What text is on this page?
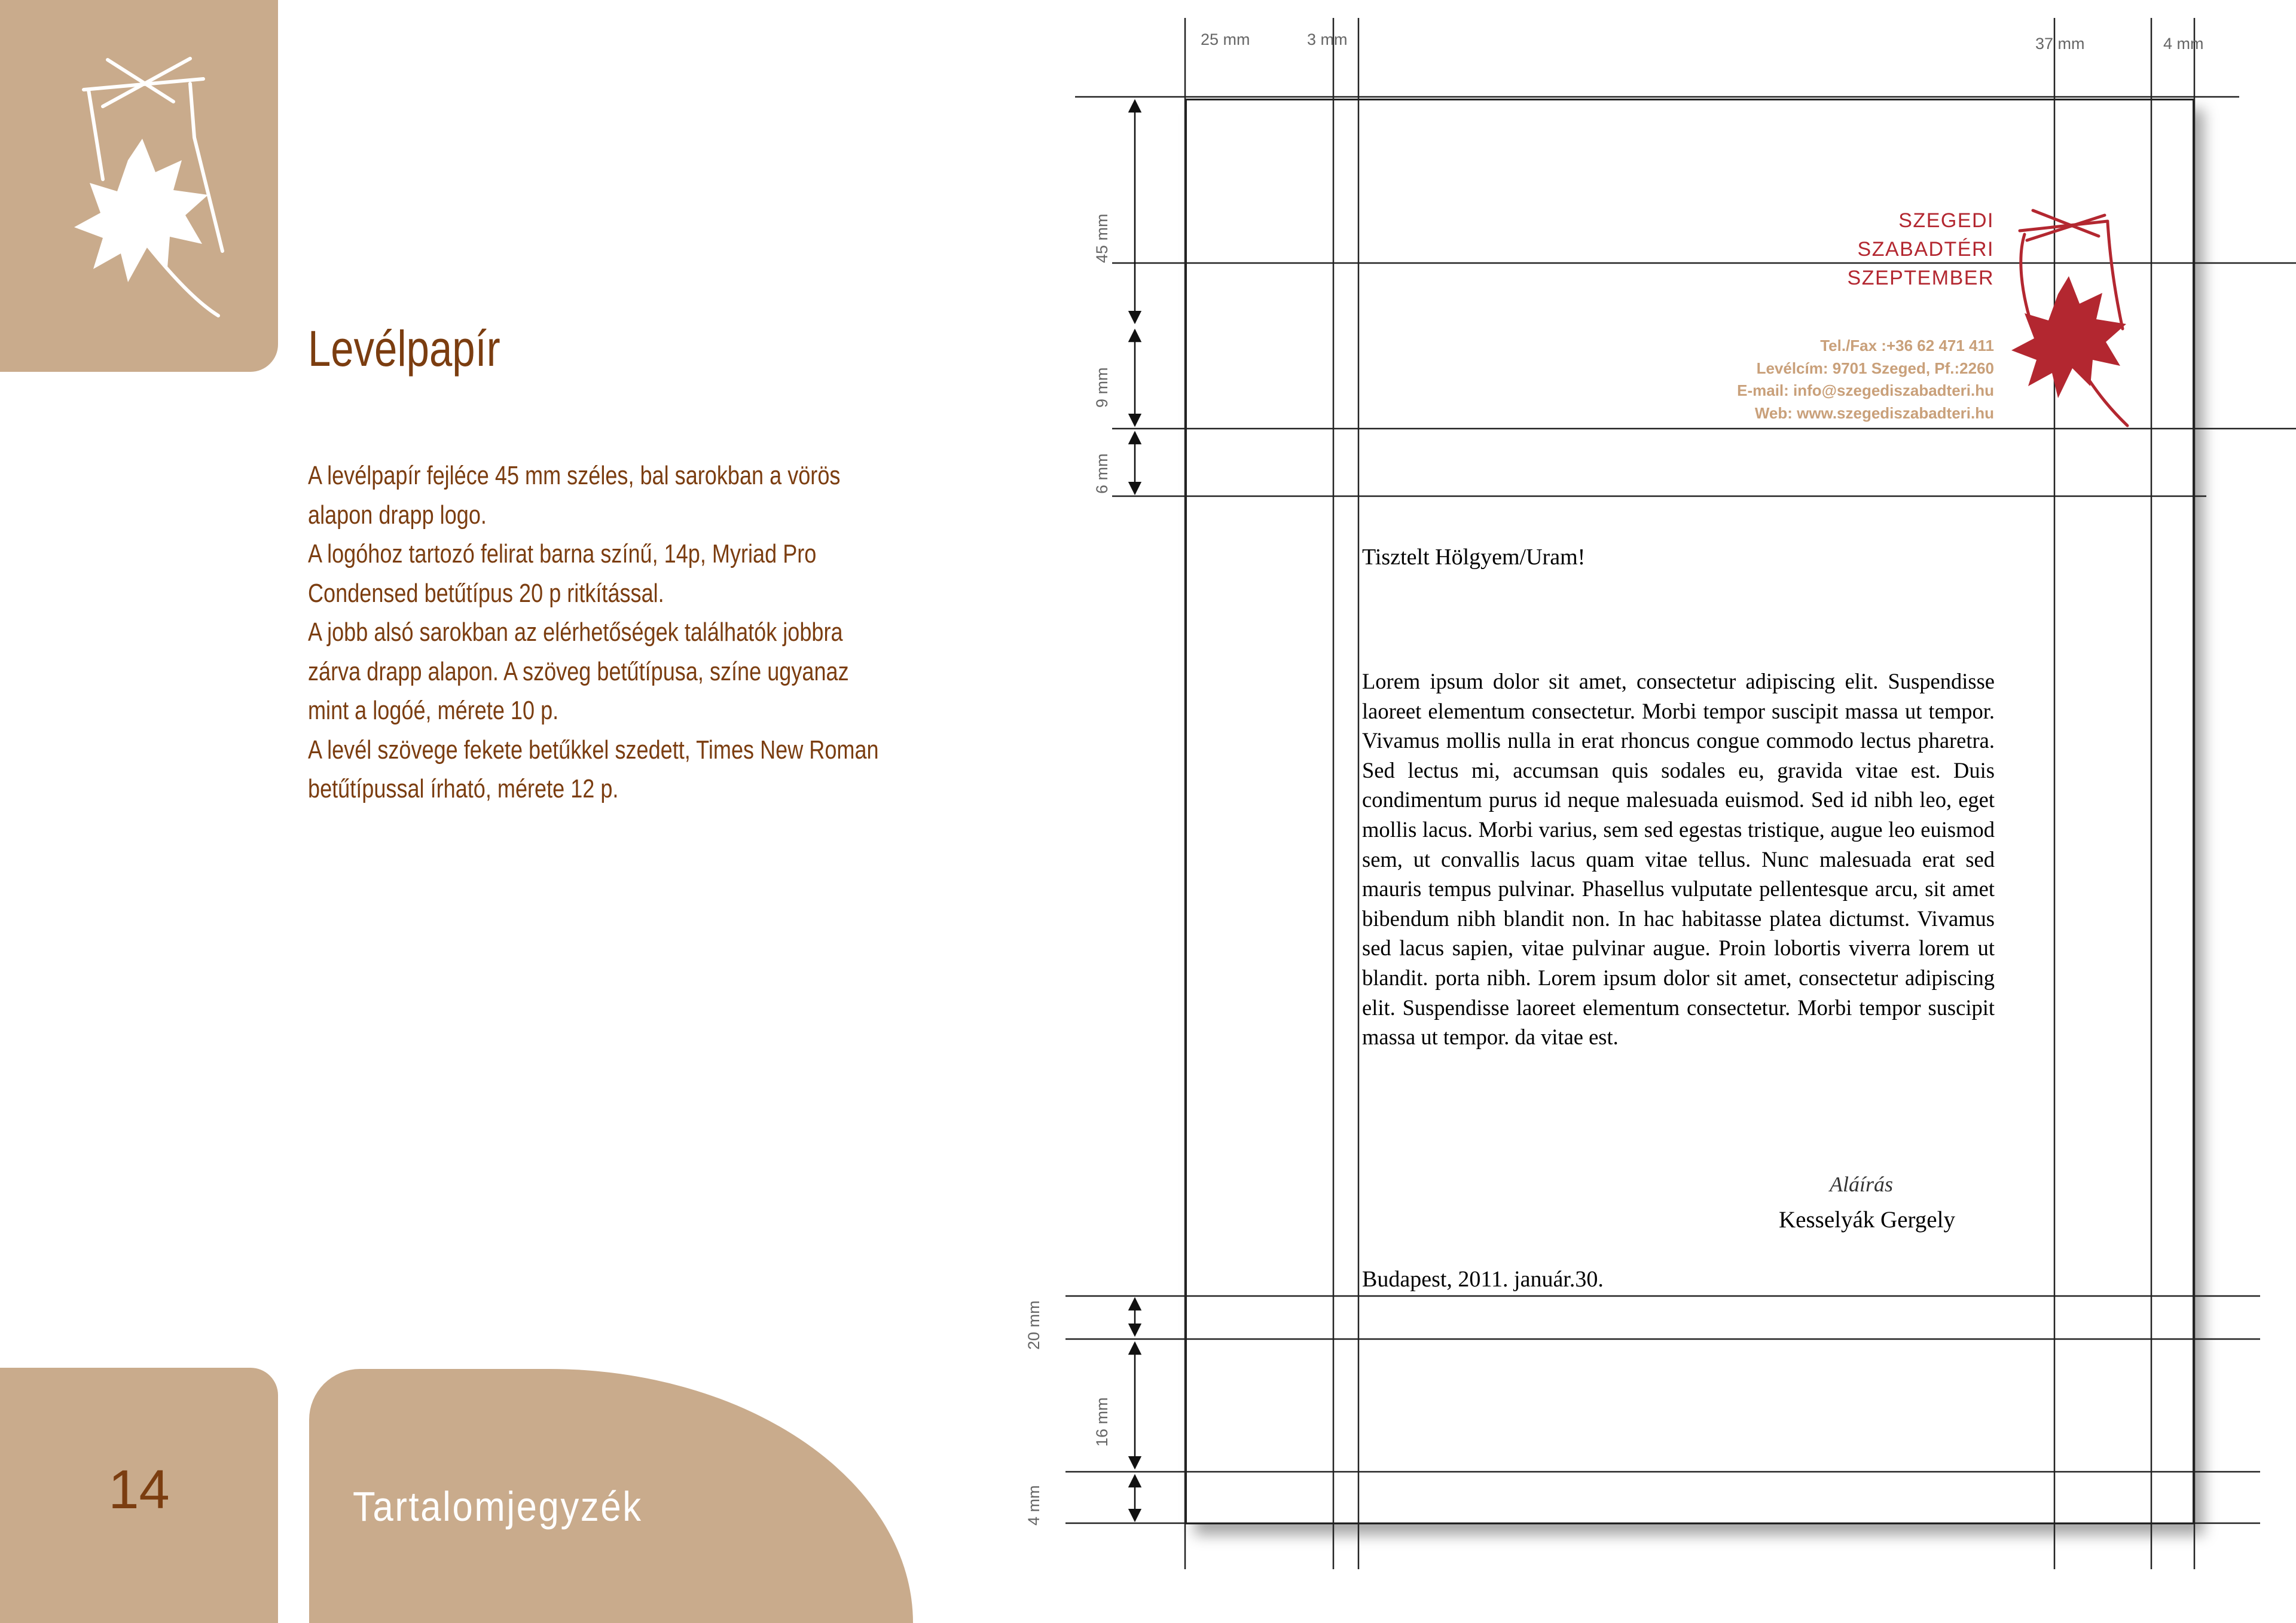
Levélpapír

A levélpapír fejléce 45 mm széles, bal sarokban a vörös alapon drapp logo.

A logóhoz tartozó felirat barna színű, 14p, Myriad Pro Condensed betűtípus 20 p ritkítással.

A jobb alsó sarokban az elérhetőségek találhatók jobbra zárva drapp alapon. A szöveg betűtípusa, színe ugyanaz mint a logóé, mérete 10 p.

A levél szövege fekete betűkkel szedett, Times New Roman betűtípussal írható, mérete 12 p.

14	Tartalomjegyzék
25 mm	3 mm	37 mm	4 mm
45 mm
9 mm
6 mm
20 mm
16 mm
4 mm
SZEGEDI
SZABADTÉRI
SZEPTEMBER
Tel./Fax :+36 62 471 411
Levélcím: 9701 Szeged, Pf.:2260
E-mail: info@szegediszabadteri.hu
Web: www.szegediszabadteri.hu
Tisztelt Hölgyem/Uram!

Lorem ipsum dolor sit amet, consectetur adipiscing elit. Suspendisse laoreet elementum consectetur. Morbi tempor suscipit massa ut tempor. Vivamus mollis nulla in erat rhoncus congue commodo lectus pharetra. Sed lectus mi, accumsan quis sodales eu, gravida vitae est. Duis condimentum purus id neque malesuada euismod. Sed id nibh leo, eget mollis lacus. Morbi varius, sem sed egestas tristique, augue leo euismod sem, ut convallis lacus quam vitae tellus. Nunc malesuada erat sed mauris tempus pulvinar. Phasellus vulputate pellentesque arcu, sit amet bibendum nibh blandit non. In hac habitasse platea dictumst. Vivamus sed lacus sapien, vitae pulvinar augue. Proin lobortis viverra lorem ut blandit. porta nibh. Lorem ipsum dolor sit amet, consectetur adipiscing elit. Suspendisse laoreet elementum consectetur. Morbi tempor suscipit massa ut tempor. da vitae est.

Aláírás
Kesselyák Gergely
Budapest, 2011. január.30.
